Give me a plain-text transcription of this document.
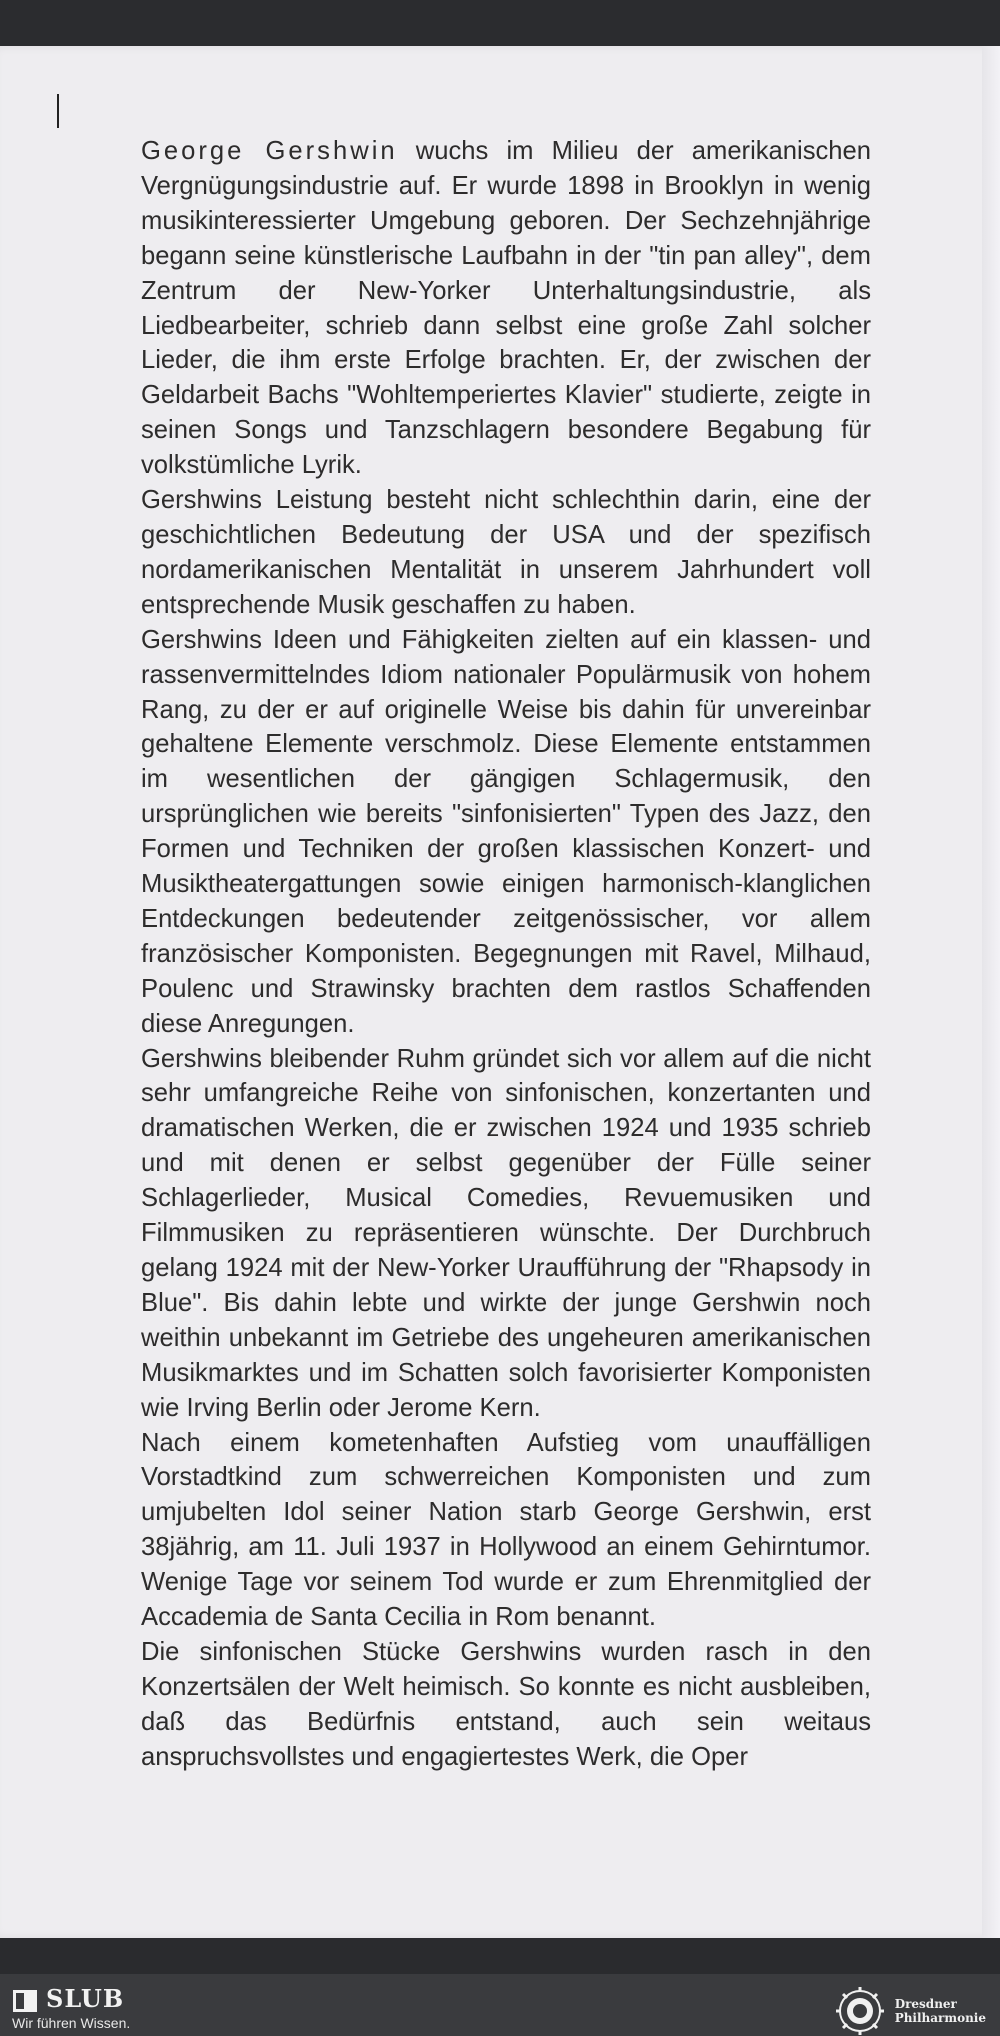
George Gershwin wuchs im Milieu der amerikanischen Vergnügungsindustrie auf. Er wurde 1898 in Brooklyn in wenig musikinteressierter Umgebung geboren. Der Sechzehnjährige begann seine künstlerische Laufbahn in der "tin pan alley", dem Zentrum der New-Yorker Unterhaltungsindustrie, als Liedbearbeiter, schrieb dann selbst eine große Zahl solcher Lieder, die ihm erste Erfolge brachten. Er, der zwischen der Geldarbeit Bachs "Wohltemperiertes Klavier" studierte, zeigte in seinen Songs und Tanzschlagern besondere Begabung für volkstümliche Lyrik.

Gershwins Leistung besteht nicht schlechthin darin, eine der geschichtlichen Bedeutung der USA und der spezifisch nordamerikanischen Mentalität in unserem Jahrhundert voll entsprechende Musik geschaffen zu haben.

Gershwins Ideen und Fähigkeiten zielten auf ein klassen- und rassenvermittelndes Idiom nationaler Populärmusik von hohem Rang, zu der er auf originelle Weise bis dahin für unvereinbar gehaltene Elemente verschmolz. Diese Elemente entstammen im wesentlichen der gängigen Schlagermusik, den ursprünglichen wie bereits "sinfonisierten" Typen des Jazz, den Formen und Techniken der großen klassischen Konzert- und Musiktheatergattungen sowie einigen harmonisch-klanglichen Entdeckungen bedeutender zeitgenössischer, vor allem französischer Komponisten. Begegnungen mit Ravel, Milhaud, Poulenc und Strawinsky brachten dem rastlos Schaffenden diese Anregungen.

Gershwins bleibender Ruhm gründet sich vor allem auf die nicht sehr umfangreiche Reihe von sinfonischen, konzertanten und dramatischen Werken, die er zwischen 1924 und 1935 schrieb und mit denen er selbst gegenüber der Fülle seiner Schlagerlieder, Musical Comedies, Revuemusiken und Filmmusiken zu repräsentieren wünschte. Der Durchbruch gelang 1924 mit der New-Yorker Uraufführung der "Rhapsody in Blue". Bis dahin lebte und wirkte der junge Gershwin noch weithin unbekannt im Getriebe des ungeheuren amerikanischen Musikmarktes und im Schatten solch favorisierter Komponisten wie Irving Berlin oder Jerome Kern.

Nach einem kometenhaften Aufstieg vom unauffälligen Vorstadtkind zum schwerreichen Komponisten und zum umjubelten Idol seiner Nation starb George Gershwin, erst 38jährig, am 11. Juli 1937 in Hollywood an einem Gehirntumor. Wenige Tage vor seinem Tod wurde er zum Ehrenmitglied der Accademia de Santa Cecilia in Rom benannt.

Die sinfonischen Stücke Gershwins wurden rasch in den Konzertsälen der Welt heimisch. So konnte es nicht ausbleiben, daß das Bedürfnis entstand, auch sein weitaus anspruchsvollstes und engagiertestes Werk, die Oper

SLUB
Wir führen Wissen.
Dresdner
Philharmonie
